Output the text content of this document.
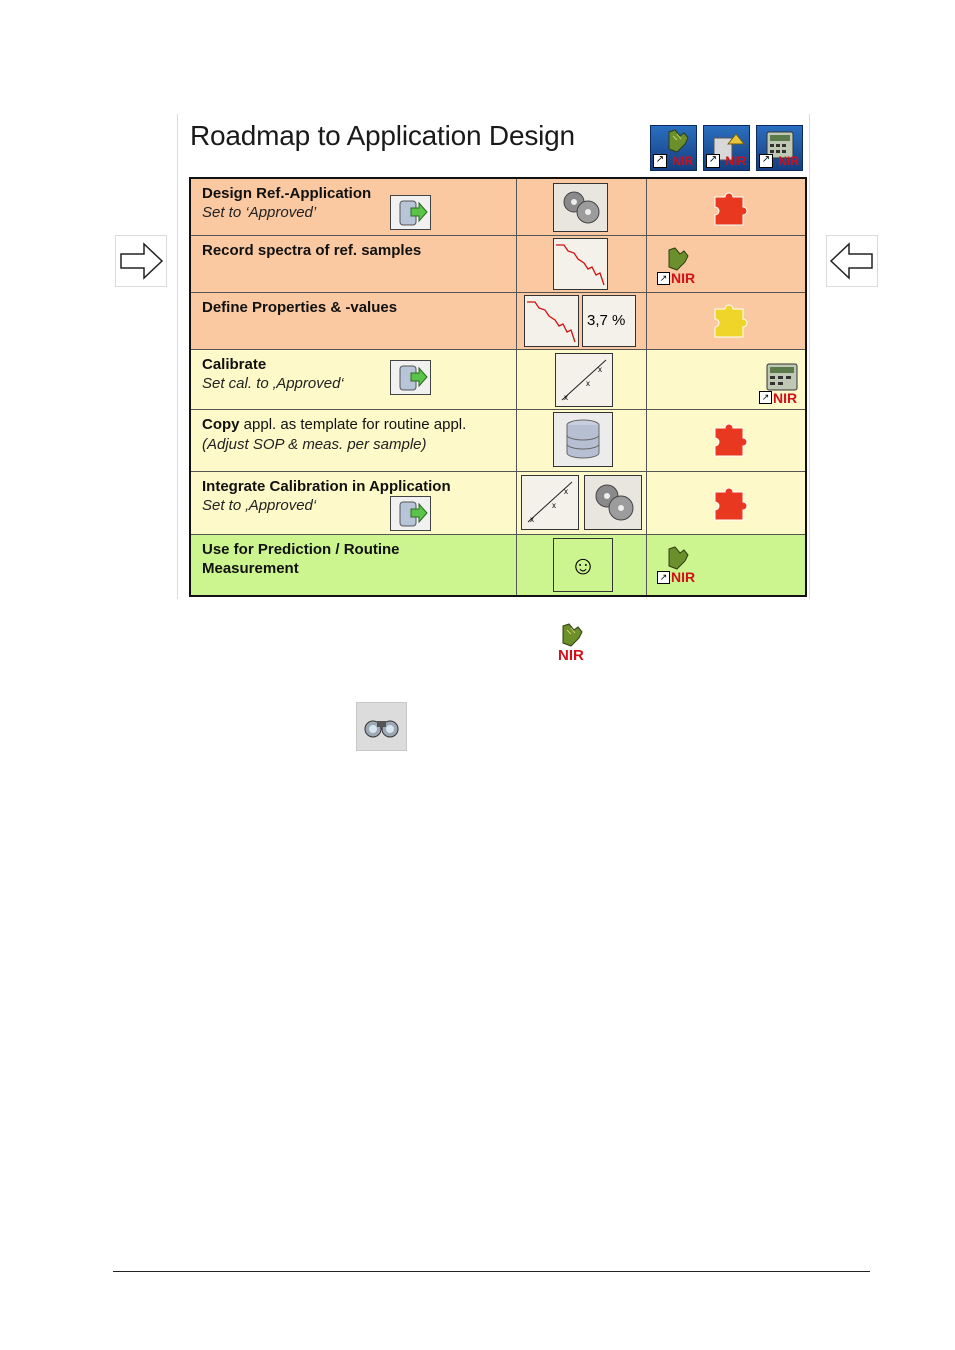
Roadmap to Application Design
↗ NIR ↗ NIR ↗ NIR
Design Ref.-Application
Set to ‘Approved’
Record spectra of ref. samples
NIR
↗
Define Properties & -values
3,7 %
Calibrate
Set cal. to ‚Approved‘
x
x
x
NIR
↗
Copy appl. as template for routine appl.
(Adjust SOP & meas. per sample)
Integrate Calibration in Application
Set to ‚Approved‘
x
x
x
Use for Prediction / Routine
Measurement	☺	NIR
↗
NIR
